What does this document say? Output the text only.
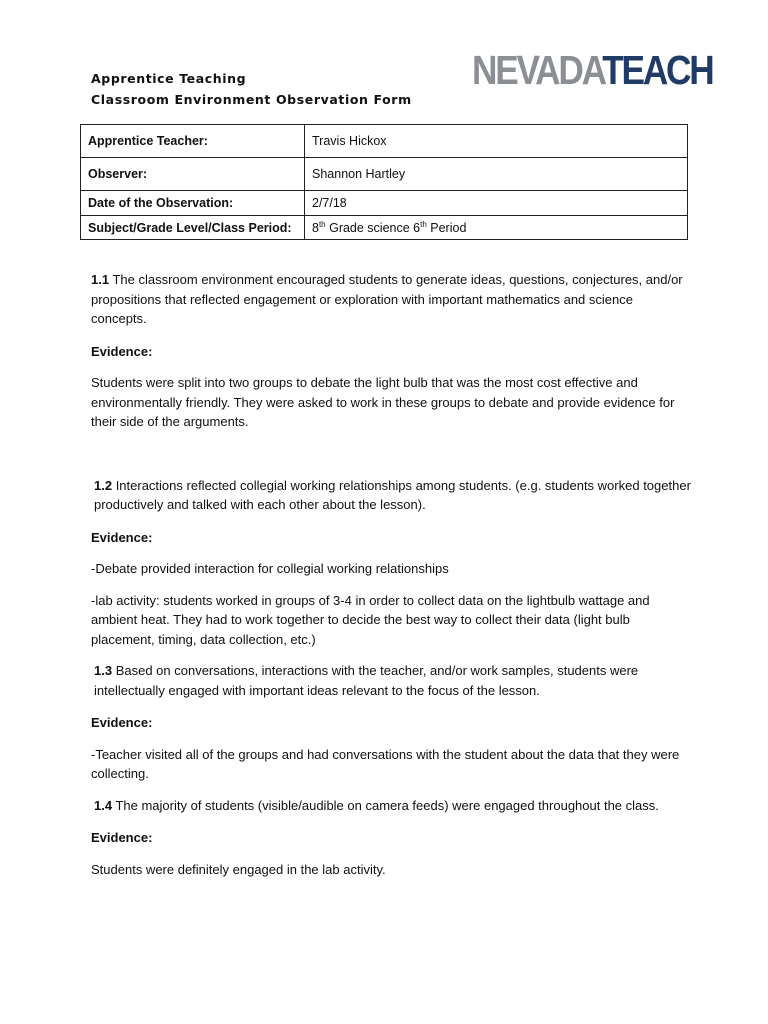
Apprentice Teaching
Classroom Environment Observation Form
NEVADATEACH
Apprentice Teacher:	Travis Hickox
Observer:	Shannon Hartley
Date of the Observation:	2/7/18
Subject/Grade Level/Class Period:	8th Grade science 6th Period

1.1 The classroom environment encouraged students to generate ideas, questions, conjectures, and/or propositions that reflected engagement or exploration with important mathematics and science concepts.

Evidence:

Students were split into two groups to debate the light bulb that was the most cost effective and environmentally friendly. They were asked to work in these groups to debate and provide evidence for their side of the arguments.

1.2 Interactions reflected collegial working relationships among students. (e.g. students worked together productively and talked with each other about the lesson).

Evidence:

-Debate provided interaction for collegial working relationships

-lab activity: students worked in groups of 3-4 in order to collect data on the lightbulb wattage and ambient heat. They had to work together to decide the best way to collect their data (light bulb placement, timing, data collection, etc.)

1.3 Based on conversations, interactions with the teacher, and/or work samples, students were intellectually engaged with important ideas relevant to the focus of the lesson.

Evidence:

-Teacher visited all of the groups and had conversations with the student about the data that they were collecting.

1.4 The majority of students (visible/audible on camera feeds) were engaged throughout the class.

Evidence:

Students were definitely engaged in the lab activity.
